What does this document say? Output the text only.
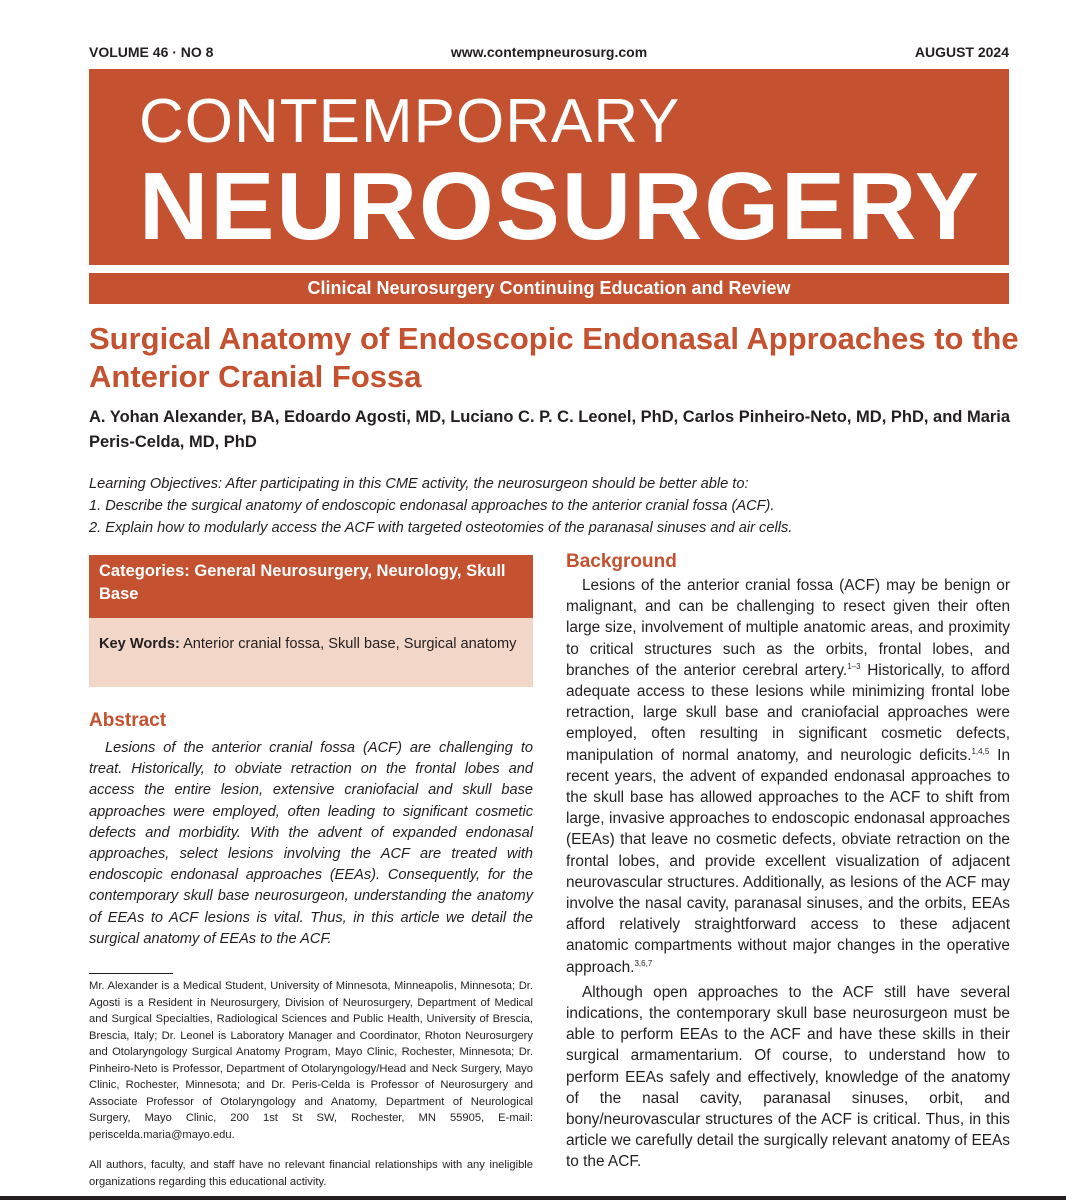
VOLUME 46 · NO 8	www.contempneurosurg.com	AUGUST 2024
CONTEMPORARY
NEUROSURGERY
Clinical Neurosurgery Continuing Education and Review
Surgical Anatomy of Endoscopic Endonasal Approaches to the Anterior Cranial Fossa

A. Yohan Alexander, BA, Edoardo Agosti, MD, Luciano C. P. C. Leonel, PhD, Carlos Pinheiro-Neto, MD, PhD, and Maria Peris-Celda, MD, PhD

Learning Objectives: After participating in this CME activity, the neurosurgeon should be better able to:
1. Describe the surgical anatomy of endoscopic endonasal approaches to the anterior cranial fossa (ACF).
2. Explain how to modularly access the ACF with targeted osteotomies of the paranasal sinuses and air cells.
Categories: General Neurosurgery, Neurology, Skull Base
Key Words: Anterior cranial fossa, Skull base, Surgical anatomy
Abstract

Lesions of the anterior cranial fossa (ACF) are challenging to treat. Historically, to obviate retraction on the frontal lobes and access the entire lesion, extensive craniofacial and skull base approaches were employed, often leading to significant cosmetic defects and morbidity. With the advent of expanded endonasal approaches, select lesions involving the ACF are treated with endoscopic endonasal approaches (EEAs). Consequently, for the contemporary skull base neurosurgeon, understanding the anatomy of EEAs to ACF lesions is vital. Thus, in this article we detail the surgical anatomy of EEAs to the ACF.

Mr. Alexander is a Medical Student, University of Minnesota, Minneapolis, Minnesota; Dr. Agosti is a Resident in Neurosurgery, Division of Neurosurgery, Department of Medical and Surgical Specialties, Radiological Sciences and Public Health, University of Brescia, Brescia, Italy; Dr. Leonel is Laboratory Manager and Coordinator, Rhoton Neurosurgery and Otolaryngology Surgical Anatomy Program, Mayo Clinic, Rochester, Minnesota; Dr. Pinheiro-Neto is Professor, Department of Otolaryngology/Head and Neck Surgery, Mayo Clinic, Rochester, Minnesota; and Dr. Peris-Celda is Professor of Neurosurgery and Associate Professor of Otolaryngology and Anatomy, Department of Neurological Surgery, Mayo Clinic, 200 1st St SW, Rochester, MN 55905, E-mail: periscelda.maria@mayo.edu.

All authors, faculty, and staff have no relevant financial relationships with any ineligible organizations regarding this educational activity.

Background

Lesions of the anterior cranial fossa (ACF) may be benign or malignant, and can be challenging to resect given their often large size, involvement of multiple anatomic areas, and proximity to critical structures such as the orbits, frontal lobes, and branches of the anterior cerebral artery.$^{1-3}$ Historically, to afford adequate access to these lesions while minimizing frontal lobe retraction, large skull base and craniofacial approaches were employed, often resulting in significant cosmetic defects, manipulation of normal anatomy, and neurologic deficits.$^{1,4,5}$ In recent years, the advent of expanded endonasal approaches to the skull base has allowed approaches to the ACF to shift from large, invasive approaches to endoscopic endonasal approaches (EEAs) that leave no cosmetic defects, obviate retraction on the frontal lobes, and provide excellent visualization of adjacent neurovascular structures. Additionally, as lesions of the ACF may involve the nasal cavity, paranasal sinuses, and the orbits, EEAs afford relatively straightforward access to these adjacent anatomic compartments without major changes in the operative approach.$^{3,6,7}$

Although open approaches to the ACF still have several indications, the contemporary skull base neurosurgeon must be able to perform EEAs to the ACF and have these skills in their surgical armamentarium. Of course, to understand how to perform EEAs safely and effectively, knowledge of the anatomy of the nasal cavity, paranasal sinuses, orbit, and bony/neurovascular structures of the ACF is critical. Thus, in this article we carefully detail the surgically relevant anatomy of EEAs to the ACF.
